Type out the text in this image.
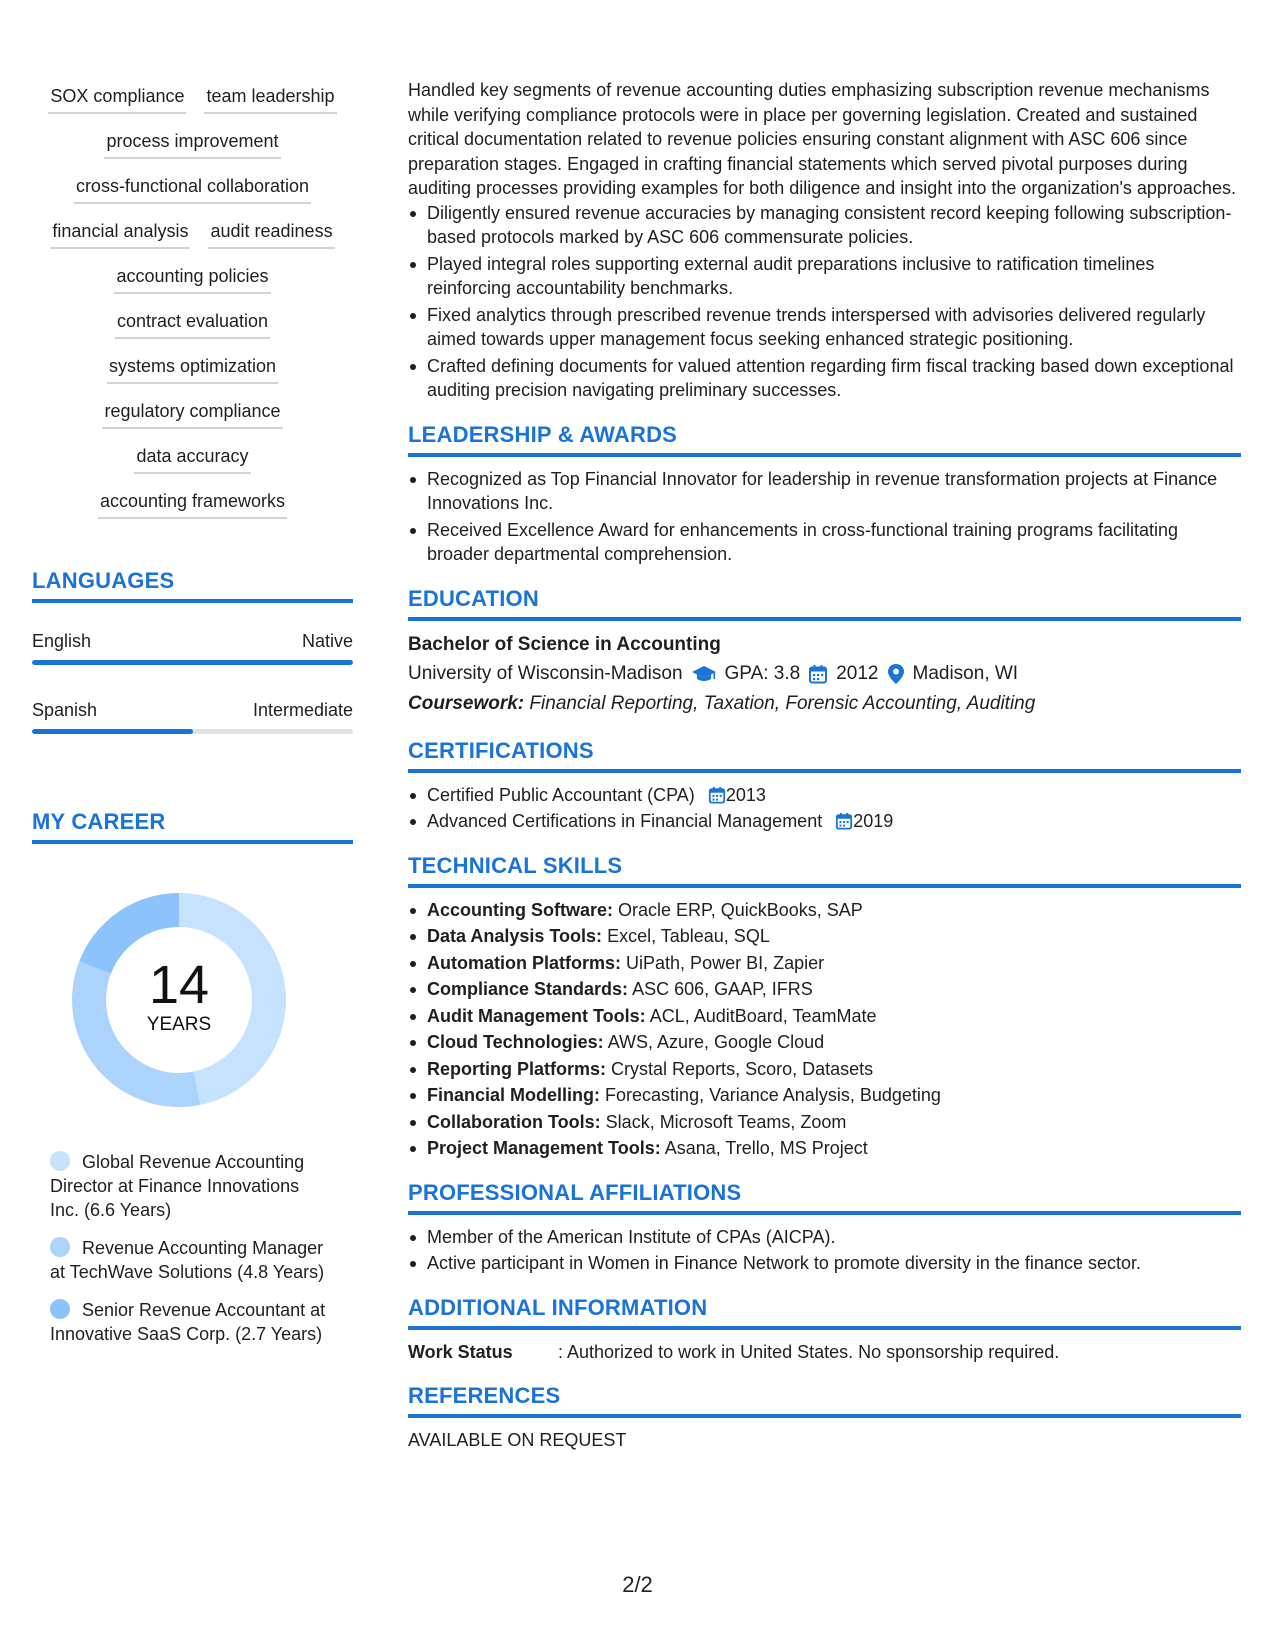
SOX compliance team leadership
process improvement
cross-functional collaboration
financial analysis audit readiness
accounting policies
contract evaluation
systems optimization
regulatory compliance
data accuracy
accounting frameworks
LANGUAGES
English	Native
Spanish	Intermediate
MY CAREER
14
YEARS
Global Revenue Accounting Director at Finance Innovations Inc. (6.6 Years)
Revenue Accounting Manager at TechWave Solutions (4.8 Years)
Senior Revenue Accountant at Innovative SaaS Corp. (2.7 Years)
Handled key segments of revenue accounting duties emphasizing subscription revenue mechanisms while verifying compliance protocols were in place per governing legislation. Created and sustained critical documentation related to revenue policies ensuring constant alignment with ASC 606 since preparation stages. Engaged in crafting financial statements which served pivotal purposes during auditing processes providing examples for both diligence and insight into the organization's approaches.
Diligently ensured revenue accuracies by managing consistent record keeping following subscription-based protocols marked by ASC 606 commensurate policies.
Played integral roles supporting external audit preparations inclusive to ratification timelines reinforcing accountability benchmarks.
Fixed analytics through prescribed revenue trends interspersed with advisories delivered regularly aimed towards upper management focus seeking enhanced strategic positioning.
Crafted defining documents for valued attention regarding firm fiscal tracking based down exceptional auditing precision navigating preliminary successes.
LEADERSHIP & AWARDS
Recognized as Top Financial Innovator for leadership in revenue transformation projects at Finance Innovations Inc.
Received Excellence Award for enhancements in cross-functional training programs facilitating broader departmental comprehension.
EDUCATION
Bachelor of Science in Accounting
University of Wisconsin-Madison GPA: 3.8 2012 Madison, WI
Coursework: Financial Reporting, Taxation, Forensic Accounting, Auditing
CERTIFICATIONS
Certified Public Accountant (CPA) 2013
Advanced Certifications in Financial Management 2019
TECHNICAL SKILLS
Accounting Software: Oracle ERP, QuickBooks, SAP
Data Analysis Tools: Excel, Tableau, SQL
Automation Platforms: UiPath, Power BI, Zapier
Compliance Standards: ASC 606, GAAP, IFRS
Audit Management Tools: ACL, AuditBoard, TeamMate
Cloud Technologies: AWS, Azure, Google Cloud
Reporting Platforms: Crystal Reports, Scoro, Datasets
Financial Modelling: Forecasting, Variance Analysis, Budgeting
Collaboration Tools: Slack, Microsoft Teams, Zoom
Project Management Tools: Asana, Trello, MS Project
PROFESSIONAL AFFILIATIONS
Member of the American Institute of CPAs (AICPA).
Active participant in Women in Finance Network to promote diversity in the finance sector.
ADDITIONAL INFORMATION
Work Status	: Authorized to work in United States. No sponsorship required.
REFERENCES
AVAILABLE ON REQUEST
2/2
